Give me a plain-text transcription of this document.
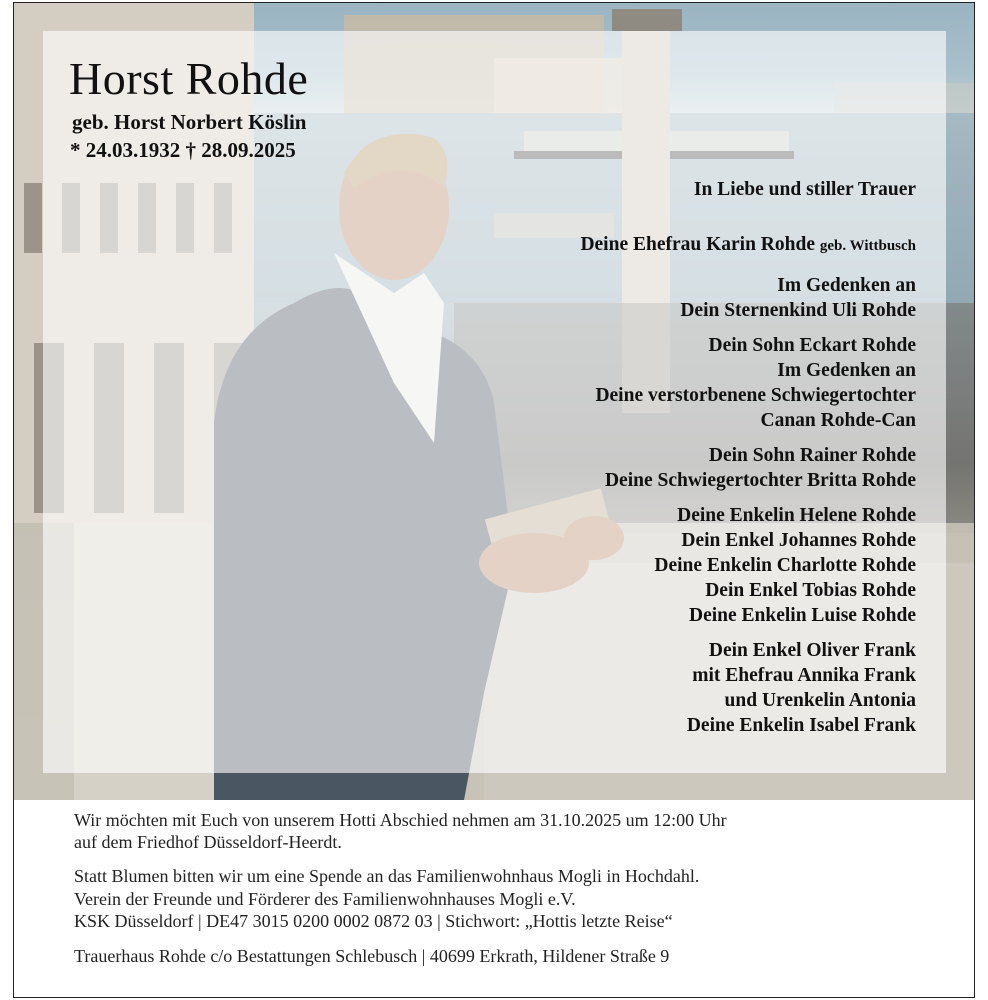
Horst Rohde
geb. Horst Norbert Köslin
* 24.03.1932 † 28.09.2025
In Liebe und stiller Trauer
Deine Ehefrau Karin Rohde geb. Wittbusch
Im Gedenken an
Dein Sternenkind Uli Rohde
Dein Sohn Eckart Rohde
Im Gedenken an
Deine verstorbenene Schwiegertochter
Canan Rohde-Can
Dein Sohn Rainer Rohde
Deine Schwiegertochter Britta Rohde
Deine Enkelin Helene Rohde
Dein Enkel Johannes Rohde
Deine Enkelin Charlotte Rohde
Dein Enkel Tobias Rohde
Deine Enkelin Luise Rohde
Dein Enkel Oliver Frank
mit Ehefrau Annika Frank
und Urenkelin Antonia
Deine Enkelin Isabel Frank
Wir möchten mit Euch von unserem Hotti Abschied nehmen am 31.10.2025 um 12:00 Uhr
auf dem Friedhof Düsseldorf-Heerdt.
Statt Blumen bitten wir um eine Spende an das Familienwohnhaus Mogli in Hochdahl.
Verein der Freunde und Förderer des Familienwohnhauses Mogli e.V.
KSK Düsseldorf | DE47 3015 0200 0002 0872 03 | Stichwort: „Hottis letzte Reise“
Trauerhaus Rohde c/o Bestattungen Schlebusch | 40699 Erkrath, Hildener Straße 9
